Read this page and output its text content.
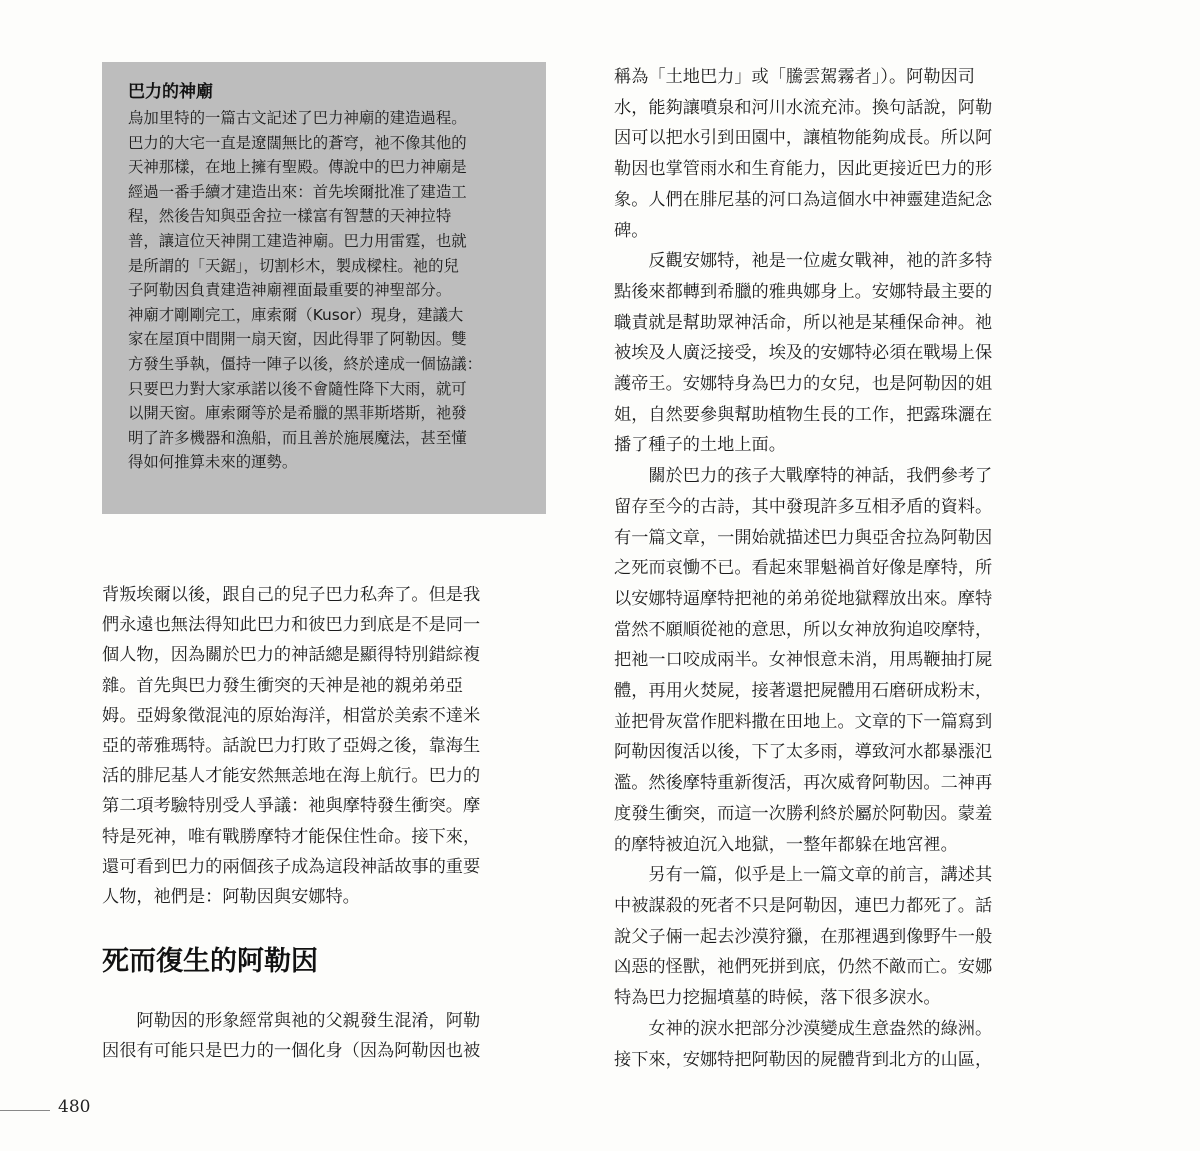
巴力的神廟

烏加里特的一篇古文記述了巴力神廟的建造過程。
巴力的大宅一直是遼闊無比的蒼穹，祂不像其他的
天神那樣，在地上擁有聖殿。傳說中的巴力神廟是
經過一番手續才建造出來：首先埃爾批准了建造工
程，然後告知與亞舍拉一樣富有智慧的天神拉特
普，讓這位天神開工建造神廟。巴力用雷霆，也就
是所謂的「天鋸」，切割杉木，製成樑柱。祂的兒
子阿勒因負責建造神廟裡面最重要的神聖部分。

神廟才剛剛完工，庫索爾（Kusor）現身，建議大
家在屋頂中間開一扇天窗，因此得罪了阿勒因。雙
方發生爭執，僵持一陣子以後，終於達成一個協議：
只要巴力對大家承諾以後不會隨性降下大雨，就可
以開天窗。庫索爾等於是希臘的黑菲斯塔斯，祂發
明了許多機器和漁船，而且善於施展魔法，甚至懂
得如何推算未來的運勢。

背叛埃爾以後，跟自己的兒子巴力私奔了。但是我
們永遠也無法得知此巴力和彼巴力到底是不是同一
個人物，因為關於巴力的神話總是顯得特別錯綜複
雜。首先與巴力發生衝突的天神是祂的親弟弟亞
姆。亞姆象徵混沌的原始海洋，相當於美索不達米
亞的蒂雅瑪特。話說巴力打敗了亞姆之後，靠海生
活的腓尼基人才能安然無恙地在海上航行。巴力的
第二項考驗特別受人爭議：祂與摩特發生衝突。摩
特是死神，唯有戰勝摩特才能保住性命。接下來，
還可看到巴力的兩個孩子成為這段神話故事的重要
人物，祂們是：阿勒因與安娜特。

死而復生的阿勒因

　　阿勒因的形象經常與祂的父親發生混淆，阿勒
因很有可能只是巴力的一個化身（因為阿勒因也被

稱為「土地巴力」或「騰雲駕霧者」）。阿勒因司
水，能夠讓噴泉和河川水流充沛。換句話說，阿勒
因可以把水引到田園中，讓植物能夠成長。所以阿
勒因也掌管雨水和生育能力，因此更接近巴力的形
象。人們在腓尼基的河口為這個水中神靈建造紀念
碑。

　　反觀安娜特，祂是一位處女戰神，祂的許多特
點後來都轉到希臘的雅典娜身上。安娜特最主要的
職責就是幫助眾神活命，所以祂是某種保命神。祂
被埃及人廣泛接受，埃及的安娜特必須在戰場上保
護帝王。安娜特身為巴力的女兒，也是阿勒因的姐
姐，自然要參與幫助植物生長的工作，把露珠灑在
播了種子的土地上面。

　　關於巴力的孩子大戰摩特的神話，我們參考了
留存至今的古詩，其中發現許多互相矛盾的資料。
有一篇文章，一開始就描述巴力與亞舍拉為阿勒因
之死而哀慟不已。看起來罪魁禍首好像是摩特，所
以安娜特逼摩特把祂的弟弟從地獄釋放出來。摩特
當然不願順從祂的意思，所以女神放狗追咬摩特，
把祂一口咬成兩半。女神恨意未消，用馬鞭抽打屍
體，再用火焚屍，接著還把屍體用石磨研成粉末，
並把骨灰當作肥料撒在田地上。文章的下一篇寫到
阿勒因復活以後，下了太多雨，導致河水都暴漲氾
濫。然後摩特重新復活，再次威脅阿勒因。二神再
度發生衝突，而這一次勝利終於屬於阿勒因。蒙羞
的摩特被迫沉入地獄，一整年都躲在地宮裡。

　　另有一篇，似乎是上一篇文章的前言，講述其
中被謀殺的死者不只是阿勒因，連巴力都死了。話
說父子倆一起去沙漠狩獵，在那裡遇到像野牛一般
凶惡的怪獸，祂們死拼到底，仍然不敵而亡。安娜
特為巴力挖掘墳墓的時候，落下很多淚水。

　　女神的淚水把部分沙漠變成生意盎然的綠洲。
接下來，安娜特把阿勒因的屍體背到北方的山區，

480
